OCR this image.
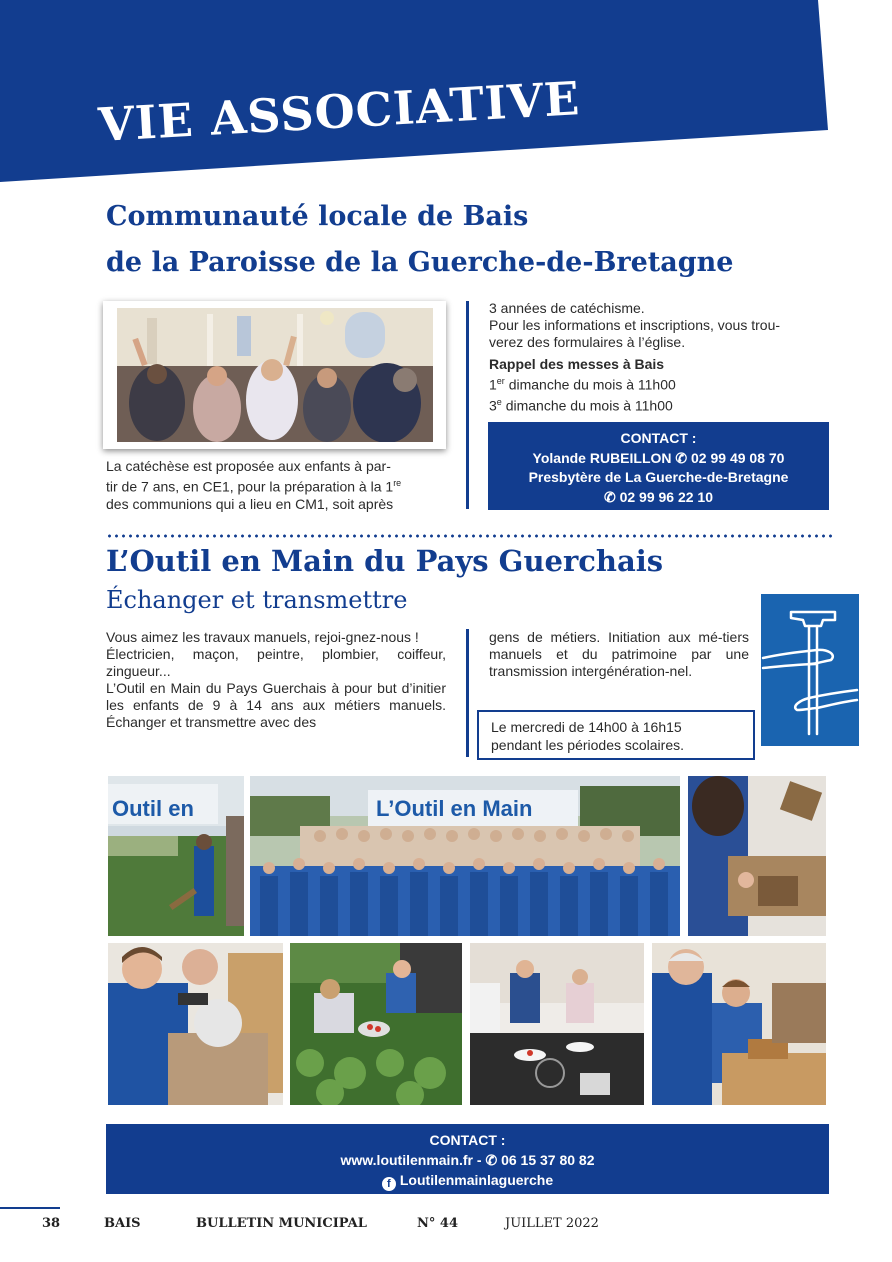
VIE ASSOCIATIVE
Communauté locale de Bais
de la Paroisse de la Guerche-de-Bretagne
La catéchèse est proposée aux enfants à par-
tir de 7 ans, en CE1, pour la préparation à la 1re
des communions qui a lieu en CM1, soit après
3 années de catéchisme.
Pour les informations et inscriptions, vous trou-
verez des formulaires à l’église.
Rappel des messes à Bais
1er dimanche du mois à 11h00
3e dimanche du mois à 11h00
CONTACT :
Yolande RUBEILLON ✆ 02 99 49 08 70
Presbytère de La Guerche-de-Bretagne
✆ 02 99 96 22 10
L’Outil en Main du Pays Guerchais
Échanger et transmettre
Vous aimez les travaux manuels, rejoi-gnez-nous !
Électricien, maçon, peintre, plombier, coiffeur, zingueur...
L’Outil en Main du Pays Guerchais à pour but d’initier les enfants de 9 à 14 ans aux métiers manuels. Échanger et transmettre avec des
gens de métiers. Initiation aux mé-tiers manuels et du patrimoine par une transmission intergénération-nel.
Le mercredi de 14h00 à 16h15
pendant les périodes scolaires.
Outil en	L’Outil en Main
CONTACT :
www.loutilenmain.fr - ✆ 06 15 37 80 82
f Loutilenmainlaguerche
38	BAIS	BULLETIN MUNICIPAL	N° 44	JUILLET 2022
